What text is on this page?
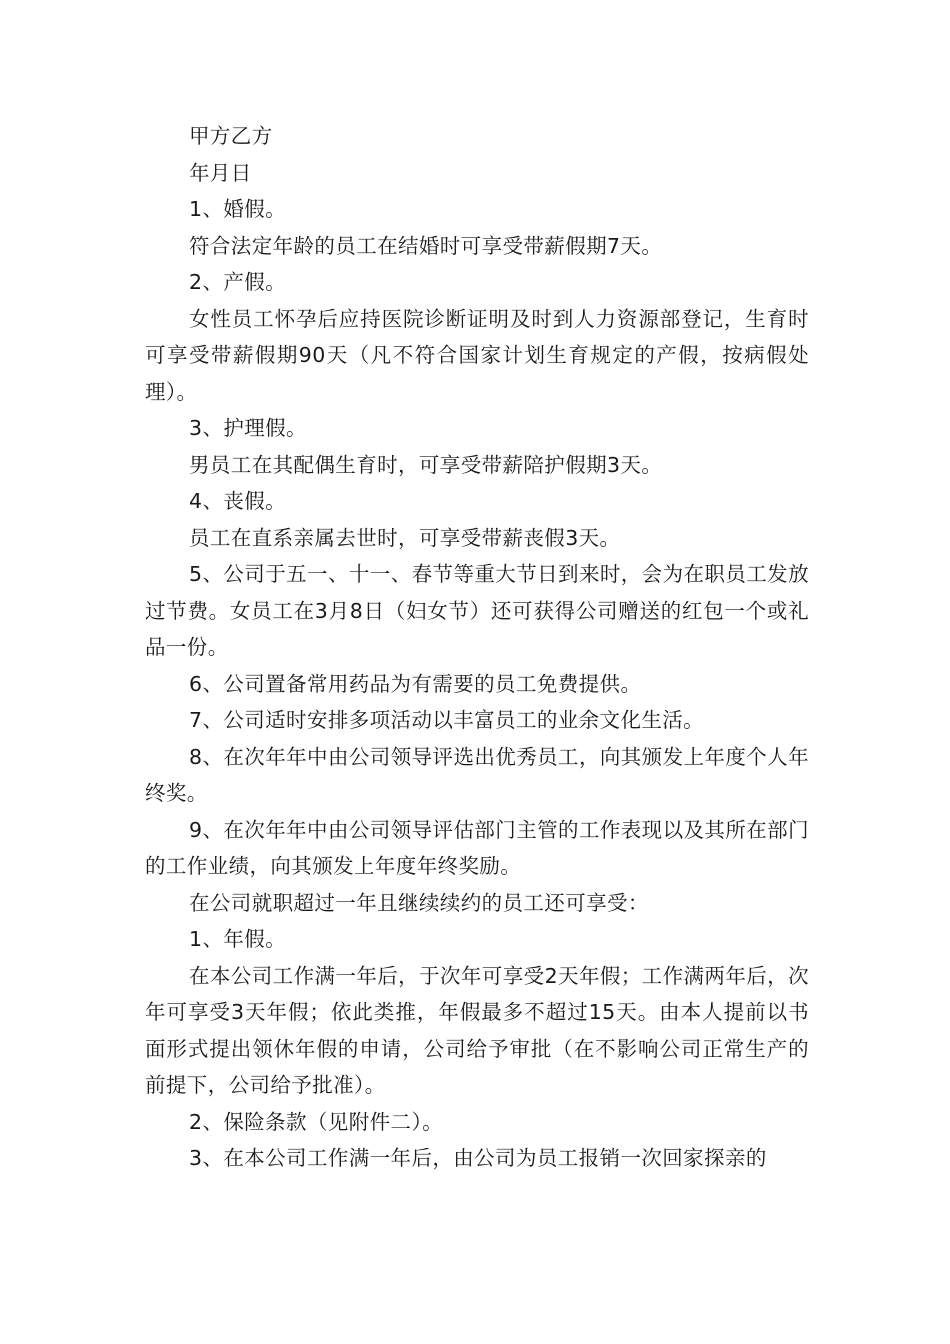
甲方乙方

年月日

1、婚假。

符合法定年龄的员工在结婚时可享受带薪假期7天。

2、产假。

女性员工怀孕后应持医院诊断证明及时到人力资源部登记，生育时可享受带薪假期90天（凡不符合国家计划生育规定的产假，按病假处理）。

3、护理假。

男员工在其配偶生育时，可享受带薪陪护假期3天。

4、丧假。

员工在直系亲属去世时，可享受带薪丧假3天。

5、公司于五一、十一、春节等重大节日到来时，会为在职员工发放过节费。女员工在3月8日（妇女节）还可获得公司赠送的红包一个或礼品一份。

6、公司置备常用药品为有需要的员工免费提供。

7、公司适时安排多项活动以丰富员工的业余文化生活。

8、在次年年中由公司领导评选出优秀员工，向其颁发上年度个人年终奖。

9、在次年年中由公司领导评估部门主管的工作表现以及其所在部门的工作业绩，向其颁发上年度年终奖励。

在公司就职超过一年且继续续约的员工还可享受：

1、年假。

在本公司工作满一年后，于次年可享受2天年假；工作满两年后，次年可享受3天年假；依此类推，年假最多不超过15天。由本人提前以书面形式提出领休年假的申请，公司给予审批（在不影响公司正常生产的前提下，公司给予批准）。

2、保险条款（见附件二）。

3、在本公司工作满一年后，由公司为员工报销一次回家探亲的
